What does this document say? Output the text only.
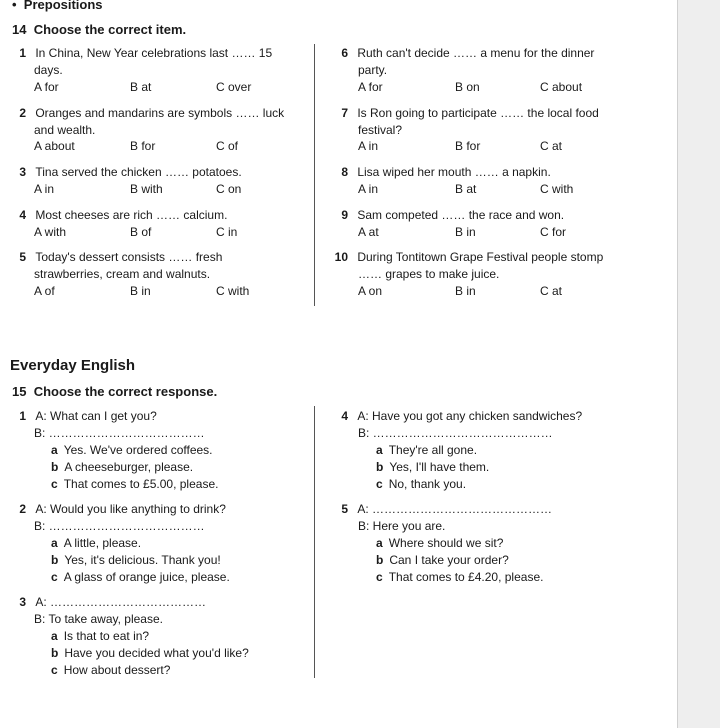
• Prepositions
14 Choose the correct item.
1 In China, New Year celebrations last …… 15
days.
A for	B at	C over
2 Oranges and mandarins are symbols …… luck
and wealth.
A about	B for	C of
3 Tina served the chicken …… potatoes.
A in	B with	C on
4 Most cheeses are rich …… calcium.
A with	B of	C in
5 Today's dessert consists …… fresh
strawberries, cream and walnuts.
A of	B in	C with
6 Ruth can't decide …… a menu for the dinner
party.
A for	B on	C about
7 Is Ron going to participate …… the local food
festival?
A in	B for	C at
8 Lisa wiped her mouth …… a napkin.
A in	B at	C with
9 Sam competed …… the race and won.
A at	B in	C for
10 During Tontitown Grape Festival people stomp
…… grapes to make juice.
A on	B in	C at
Everyday English
15 Choose the correct response.
1 A: What can I get you?
B: …………………………………
a Yes. We've ordered coffees.
b A cheeseburger, please.
c That comes to £5.00, please.
2 A: Would you like anything to drink?
B: …………………………………
a A little, please.
b Yes, it's delicious. Thank you!
c A glass of orange juice, please.
3 A: …………………………………
B: To take away, please.
a Is that to eat in?
b Have you decided what you'd like?
c How about dessert?
4 A: Have you got any chicken sandwiches?
B: ………………………………………
a They're all gone.
b Yes, I'll have them.
c No, thank you.
5 A: ………………………………………
B: Here you are.
a Where should we sit?
b Can I take your order?
c That comes to £4.20, please.
